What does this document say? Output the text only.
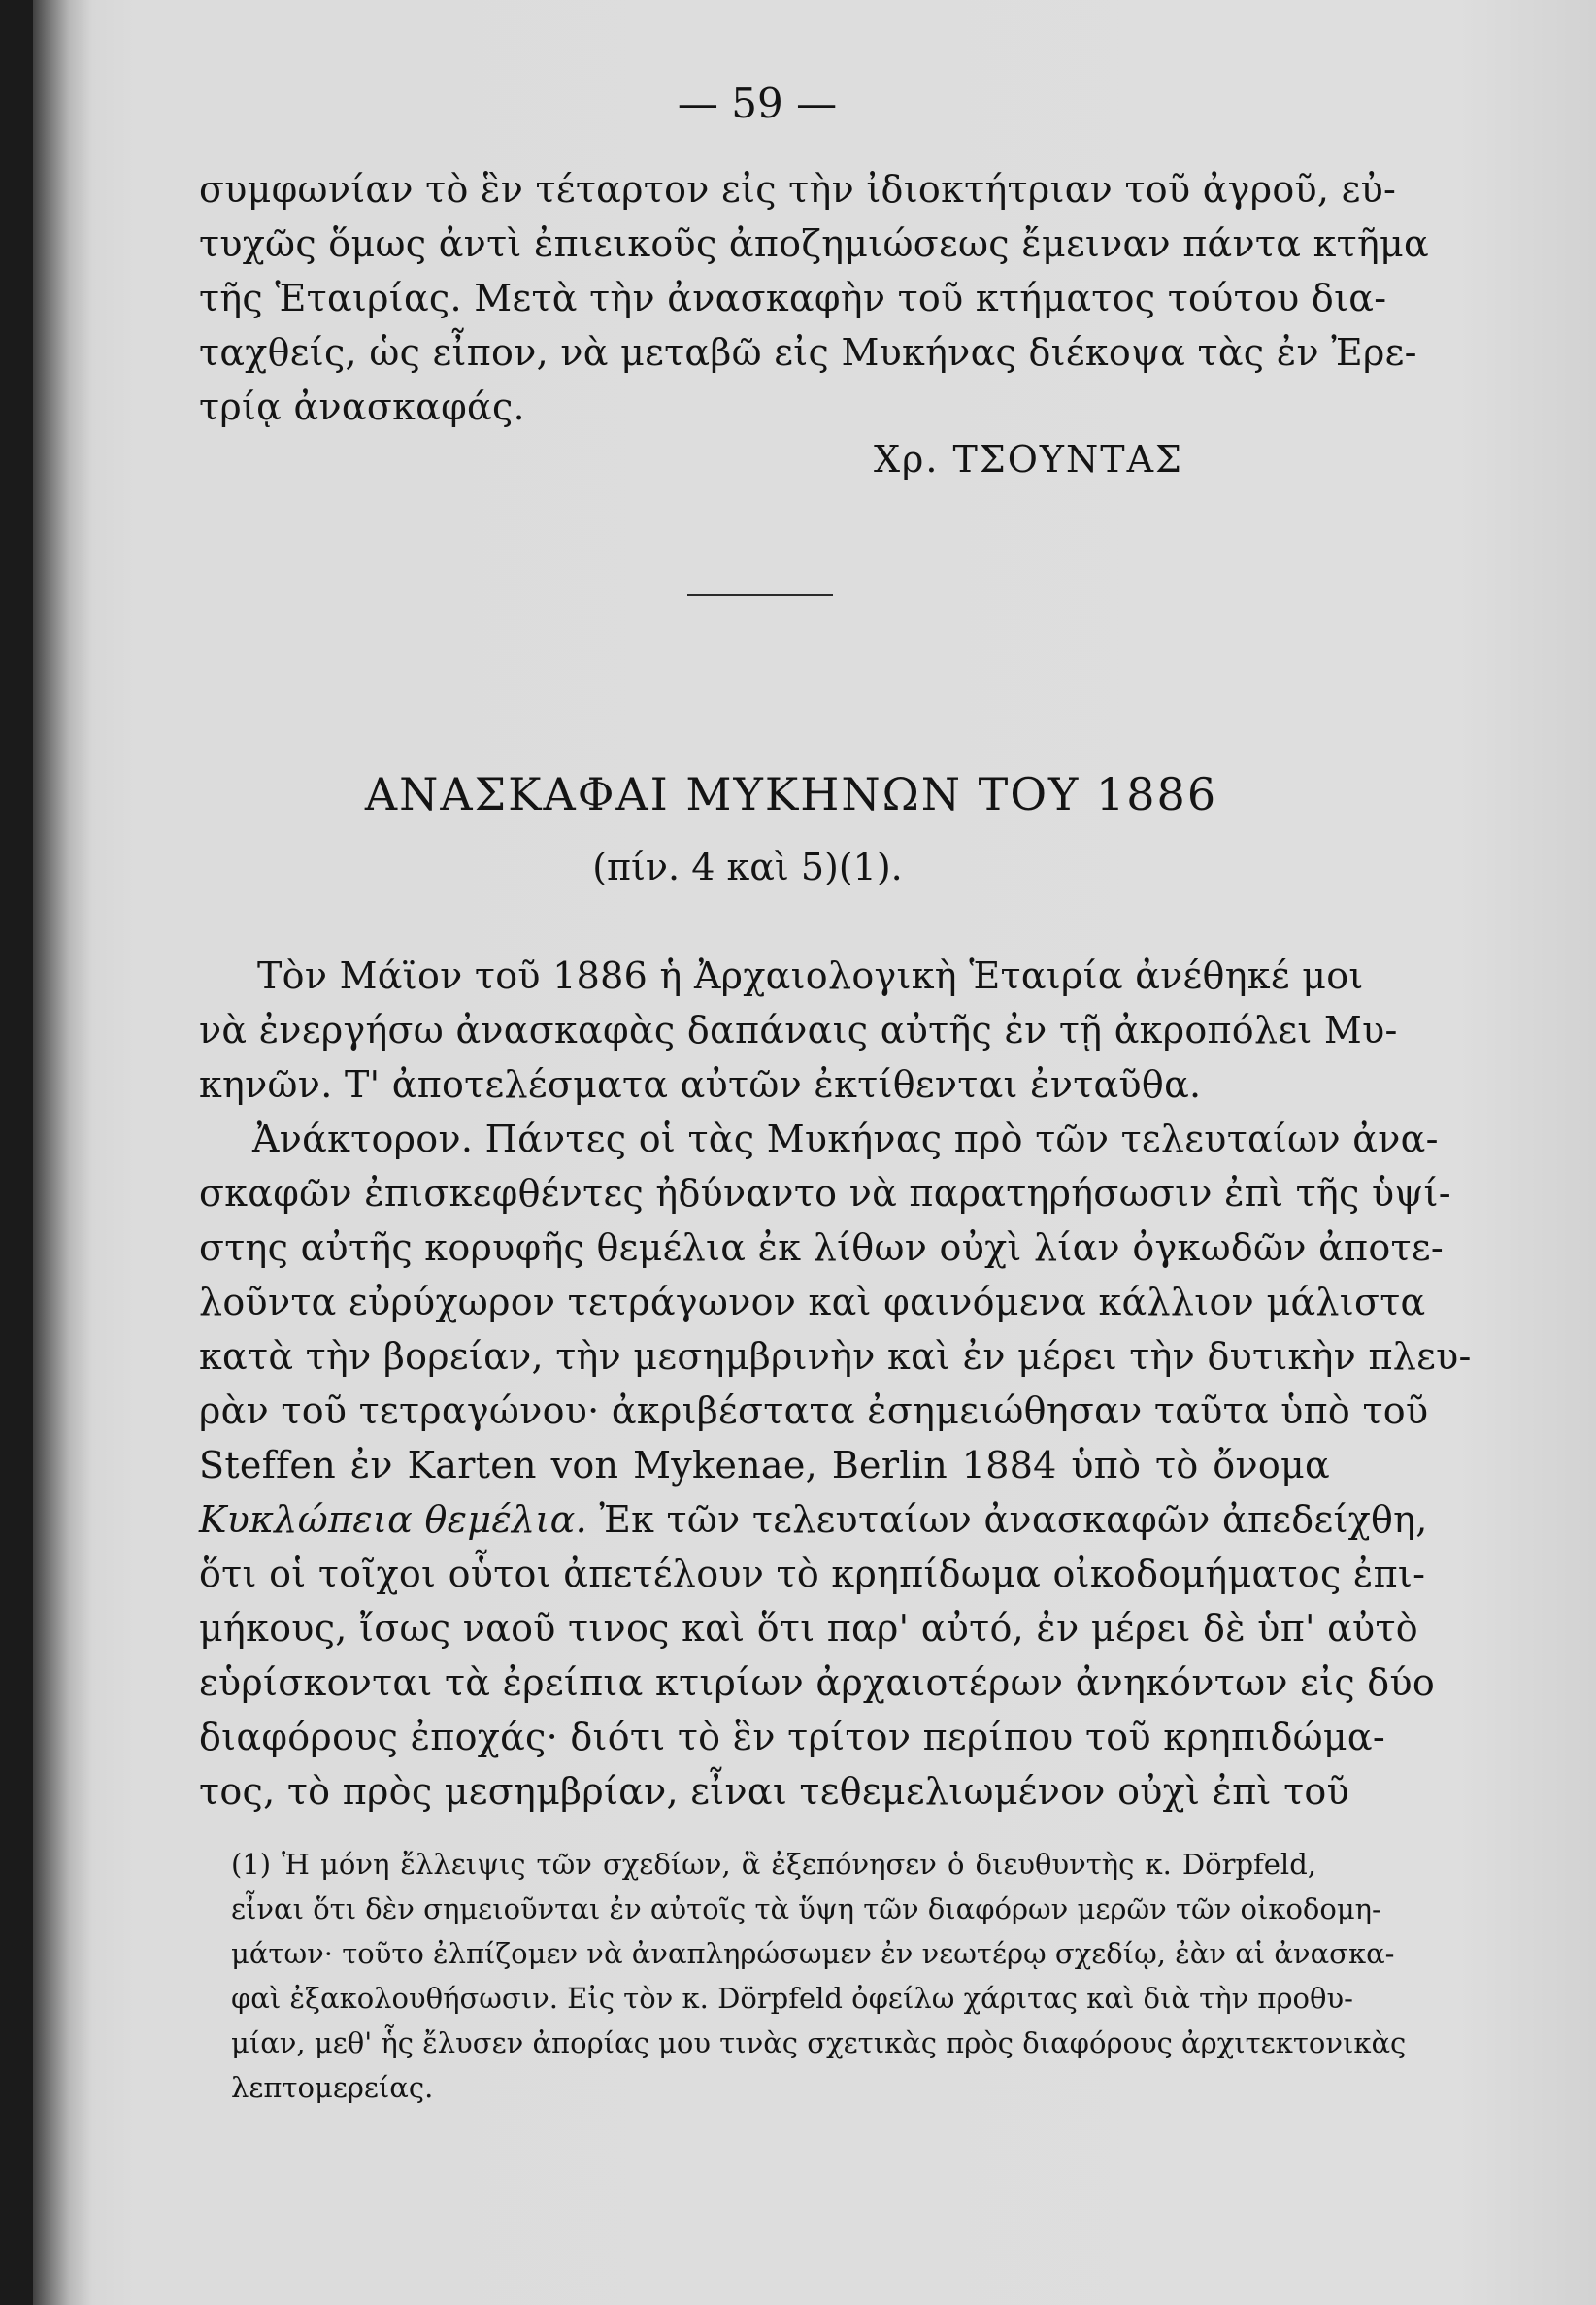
— 59 —
συμφωνίαν τὸ ἓν τέταρτον εἰς τὴν ἰδιοκτήτριαν τοῦ ἀγροῦ, εὐ-
τυχῶς ὅμως ἀντὶ ἐπιεικοῦς ἀποζημιώσεως ἔμειναν πάντα κτῆμα
τῆς Ἑταιρίας. Μετὰ τὴν ἀνασκαφὴν τοῦ κτήματος τούτου δια-
ταχθείς, ὡς εἶπον, νὰ μεταβῶ εἰς Μυκήνας διέκοψα τὰς ἐν Ἐρε-
τρίᾳ ἀνασκαφάς.
Χρ. ΤΣΟΥΝΤΑΣ
ΑΝΑΣΚΑΦΑΙ ΜΥΚΗΝΩΝ ΤΟΥ 1886
(πίν. 4 καὶ 5)(1).
Τὸν Μάϊον τοῦ 1886 ἡ Ἀρχαιολογικὴ Ἑταιρία ἀνέθηκέ μοι
νὰ ἐνεργήσω ἀνασκαφὰς δαπάναις αὐτῆς ἐν τῇ ἀκροπόλει Μυ-
κηνῶν. Τ' ἀποτελέσματα αὐτῶν ἐκτίθενται ἐνταῦθα.
Ἀνάκτορον. Πάντες οἱ τὰς Μυκήνας πρὸ τῶν τελευταίων ἀνα-
σκαφῶν ἐπισκεφθέντες ἠδύναντο νὰ παρατηρήσωσιν ἐπὶ τῆς ὑψί-
στης αὐτῆς κορυφῆς θεμέλια ἐκ λίθων οὐχὶ λίαν ὀγκωδῶν ἀποτε-
λοῦντα εὐρύχωρον τετράγωνον καὶ φαινόμενα κάλλιον μάλιστα
κατὰ τὴν βορείαν, τὴν μεσημβρινὴν καὶ ἐν μέρει τὴν δυτικὴν πλευ-
ρὰν τοῦ τετραγώνου· ἀκριβέστατα ἐσημειώθησαν ταῦτα ὑπὸ τοῦ
Steffen ἐν Karten von Mykenae, Berlin 1884 ὑπὸ τὸ ὄνομα
Κυκλώπεια θεμέλια. Ἐκ τῶν τελευταίων ἀνασκαφῶν ἀπεδείχθη,
ὅτι οἱ τοῖχοι οὗτοι ἀπετέλουν τὸ κρηπίδωμα οἰκοδομήματος ἐπι-
μήκους, ἴσως ναοῦ τινος καὶ ὅτι παρ' αὐτό, ἐν μέρει δὲ ὑπ' αὐτὸ
εὑρίσκονται τὰ ἐρείπια κτιρίων ἀρχαιοτέρων ἀνηκόντων εἰς δύο
διαφόρους ἐποχάς· διότι τὸ ἓν τρίτον περίπου τοῦ κρηπιδώμα-
τος, τὸ πρὸς μεσημβρίαν, εἶναι τεθεμελιωμένον οὐχὶ ἐπὶ τοῦ
(1) Ἡ μόνη ἔλλειψις τῶν σχεδίων, ἃ ἐξεπόνησεν ὁ διευθυντὴς κ. Dörpfeld,
εἶναι ὅτι δὲν σημειοῦνται ἐν αὐτοῖς τὰ ὕψη τῶν διαφόρων μερῶν τῶν οἰκοδομη-
μάτων· τοῦτο ἐλπίζομεν νὰ ἀναπληρώσωμεν ἐν νεωτέρῳ σχεδίῳ, ἐὰν αἱ ἀνασκα-
φαὶ ἐξακολουθήσωσιν. Εἰς τὸν κ. Dörpfeld ὀφείλω χάριτας καὶ διὰ τὴν προθυ-
μίαν, μεθ' ἧς ἔλυσεν ἀπορίας μου τινὰς σχετικὰς πρὸς διαφόρους ἀρχιτεκτονικὰς
λεπτομερείας.
